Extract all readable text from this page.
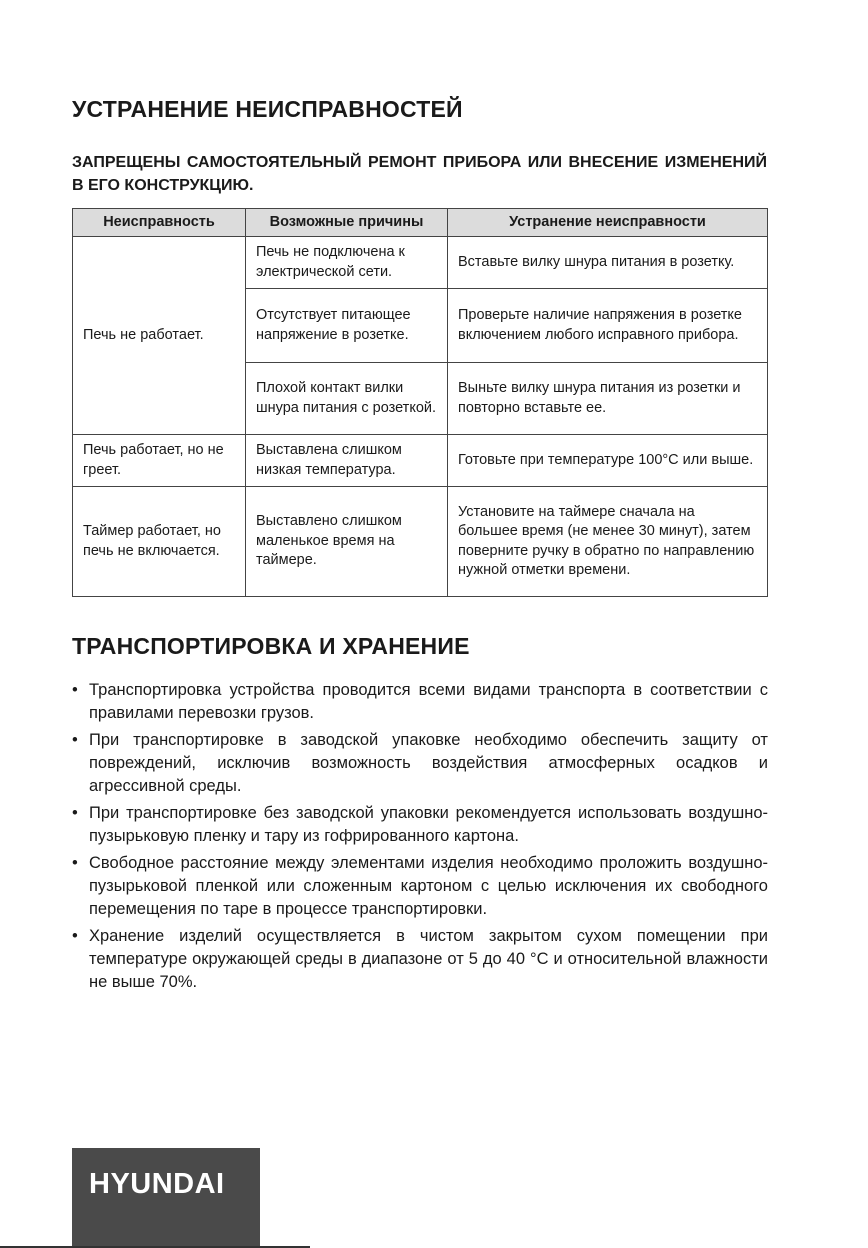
УСТРАНЕНИЕ НЕИСПРАВНОСТЕЙ
ЗАПРЕЩЕНЫ САМОСТОЯТЕЛЬНЫЙ РЕМОНТ ПРИБОРА ИЛИ ВНЕСЕНИЕ ИЗМЕНЕНИЙ В ЕГО КОНСТРУКЦИЮ.
Неисправность	Возможные причины	Устранение неисправности
Печь не работает.	Печь не подключена к электрической сети.	Вставьте вилку шнура питания в розетку.
	Отсутствует питающее напряжение в розетке.	Проверьте наличие напряжения в розетке включением любого исправного прибора.
	Плохой контакт вилки шнура питания с розеткой.	Выньте вилку шнура питания из розетки и повторно вставьте ее.
Печь работает, но не греет.	Выставлена слишком низкая температура.	Готовьте при температуре 100°C или выше.
Таймер работает, но печь не включается.	Выставлено слишком маленькое время на таймере.	Установите на таймере сначала на большее время (не менее 30 минут), затем поверните ручку в обратно по направлению нужной отметки времени.
ТРАНСПОРТИРОВКА И ХРАНЕНИЕ
• Транспортировка устройства проводится всеми видами транспорта в соответствии с правилами перевозки грузов.
• При транспортировке в заводской упаковке необходимо обеспечить защиту от повреждений, исключив возможность воздействия атмосферных осадков и агрессивной среды.
• При транспортировке без заводской упаковки рекомендуется использовать воздушно-пузырьковую пленку и тару из гофрированного картона.
• Свободное расстояние между элементами изделия необходимо проложить воздушно-пузырьковой пленкой или сложенным картоном с целью исключения их свободного перемещения по таре в процессе транспортировки.
• Хранение изделий осуществляется в чистом закрытом сухом помещении при температуре окружающей среды в диапазоне от 5 до 40 °C и относительной влажности не выше 70%.
HYUNDAI
